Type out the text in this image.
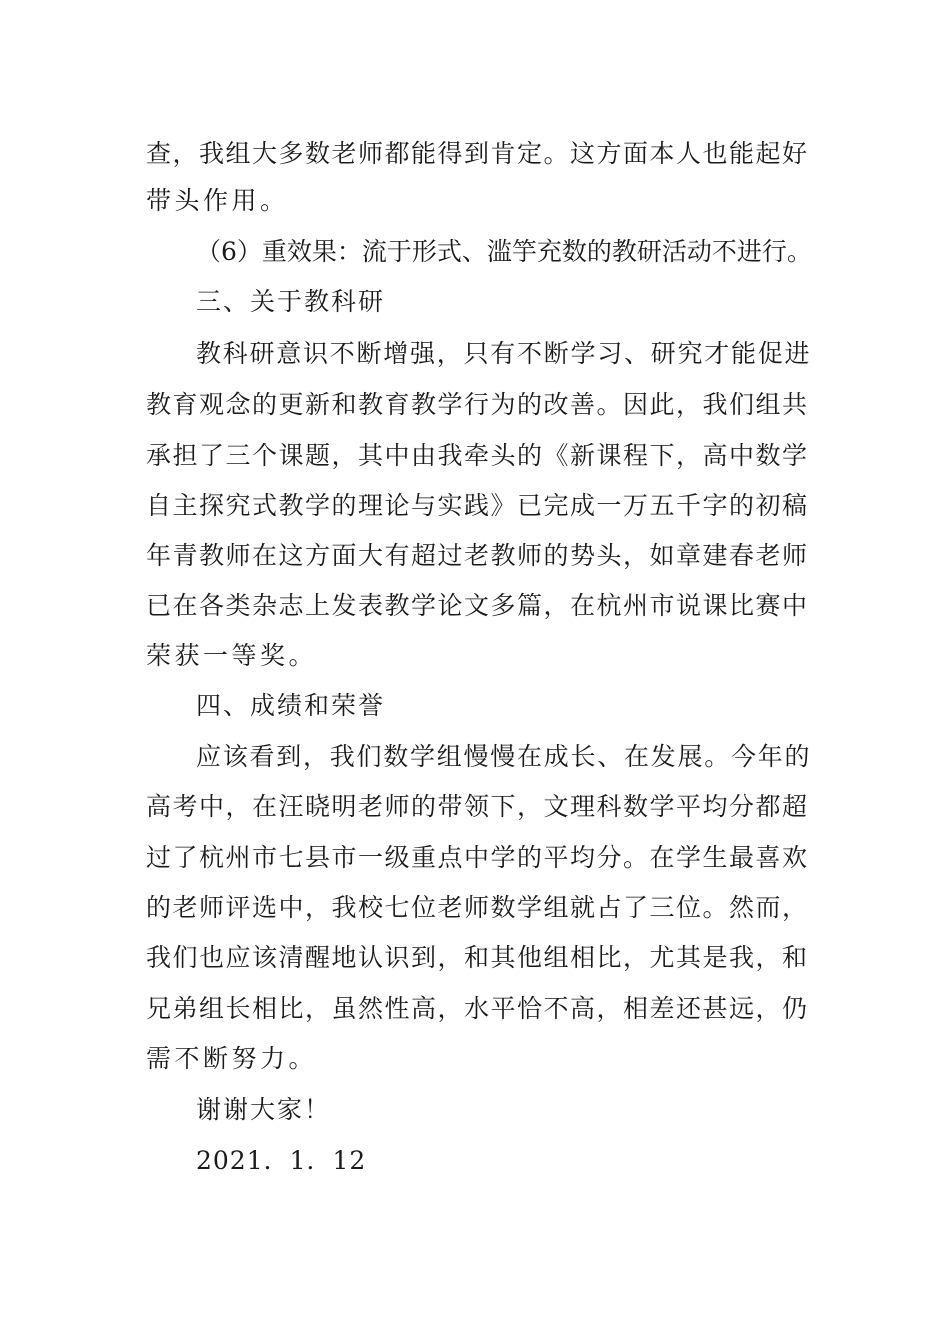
查，我组大多数老师都能得到肯定。这方面本人也能起好
带头作用。
（6）重效果：流于形式、滥竽充数的教研活动不进行。
三、关于教科研
教科研意识不断增强，只有不断学习、研究才能促进
教育观念的更新和教育教学行为的改善。因此，我们组共
承担了三个课题，其中由我牵头的《新课程下，高中数学
自主探究式教学的理论与实践》已完成一万五千字的初稿
年青教师在这方面大有超过老教师的势头，如章建春老师
已在各类杂志上发表教学论文多篇，在杭州市说课比赛中
荣获一等奖。
四、成绩和荣誉
应该看到，我们数学组慢慢在成长、在发展。今年的
高考中，在汪晓明老师的带领下，文理科数学平均分都超
过了杭州市七县市一级重点中学的平均分。在学生最喜欢
的老师评选中，我校七位老师数学组就占了三位。然而，
我们也应该清醒地认识到，和其他组相比，尤其是我，和
兄弟组长相比，虽然性高，水平恰不高，相差还甚远，仍
需不断努力。
谢谢大家！
2021．1．12
